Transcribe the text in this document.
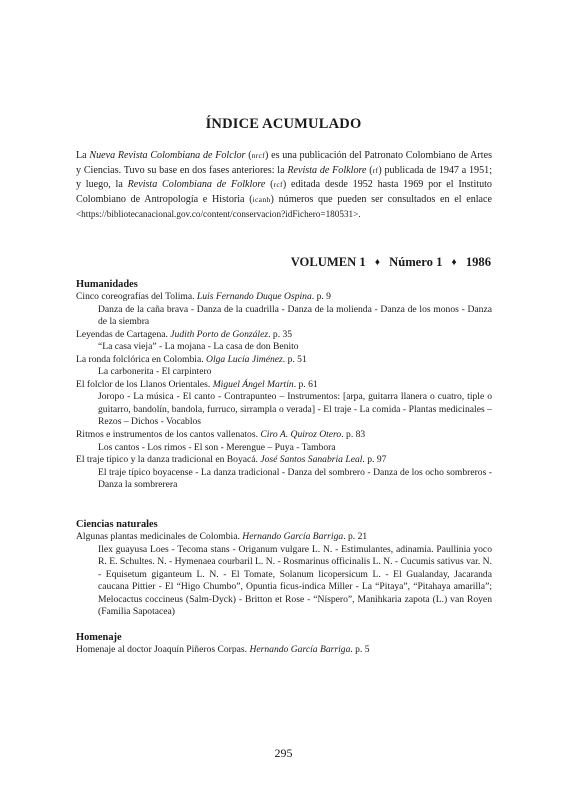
ÍNDICE ACUMULADO

La Nueva Revista Colombiana de Folclor (nrcf) es una publicación del Patronato Colombiano de Artes y Ciencias. Tuvo su base en dos fases anteriores: la Revista de Folklore (rf) publicada de 1947 a 1951; y luego, la Revista Colombiana de Folklore (rcf) editada desde 1952 hasta 1969 por el Instituto Colombiano de Antropología e Historia (icanh) números que pueden ser consultados en el enlace <https://bibliotecanacional.gov.co/content/conservacion?idFichero=180531>.

VOLUMEN 1 ♦ Número 1 ♦ 1986
Humanidades

Cinco coreografías del Tolima. Luis Fernando Duque Ospina. p. 9

Danza de la caña brava - Danza de la cuadrilla - Danza de la molienda - Danza de los monos - Danza de la siembra

Leyendas de Cartagena. Judith Porto de González. p. 35

“La casa vieja” - La mojana - La casa de don Benito

La ronda folclórica en Colombia. Olga Lucía Jiménez. p. 51

La carbonerita - El carpintero

El folclor de los Llanos Orientales. Miguel Ángel Martín. p. 61

Joropo - La música - El canto - Contrapunteo – Instrumentos: [arpa, guitarra llanera o cuatro, tiple o guitarro, bandolín, bandola, furruco, sirrampla o verada] - El traje - La comida - Plantas medicinales – Rezos – Dichos - Vocablos

Ritmos e instrumentos de los cantos vallenatos. Ciro A. Quiroz Otero. p. 83

Los cantos - Los rimos - El son - Merengue – Puya - Tambora

El traje típico y la danza tradicional en Boyacá. José Santos Sanabria Leal. p. 97

El traje típico boyacense - La danza tradicional - Danza del sombrero - Danza de los ocho sombreros - Danza la sombrerera

Ciencias naturales

Algunas plantas medicinales de Colombia. Hernando García Barriga. p. 21

Ilex guayusa Loes - Tecoma stans - Origanum vulgare L. N. - Estimulantes, adinamia. Paullinia yoco R. E. Schultes. N. - Hymenaea courbaril L. N. - Rosmarinus officinalis L. N. - Cucumis sativus var. N. - Equisetum giganteum L. N. - El Tomate, Solanum licopersicum L. - El Gualanday, Jacaranda caucana Pittier - El “Higo Chumbo”, Opuntia ficus-indica Miller - La “Pitaya”, “Pitahaya amarilla”; Melocactus coccineus (Salm-Dyck) - Britton et Rose - “Níspero”, Manihkaria zapota (L.) van Royen (Familia Sapotacea)

Homenaje

Homenaje al doctor Joaquín Piñeros Corpas. Hernando García Barriga. p. 5

295
